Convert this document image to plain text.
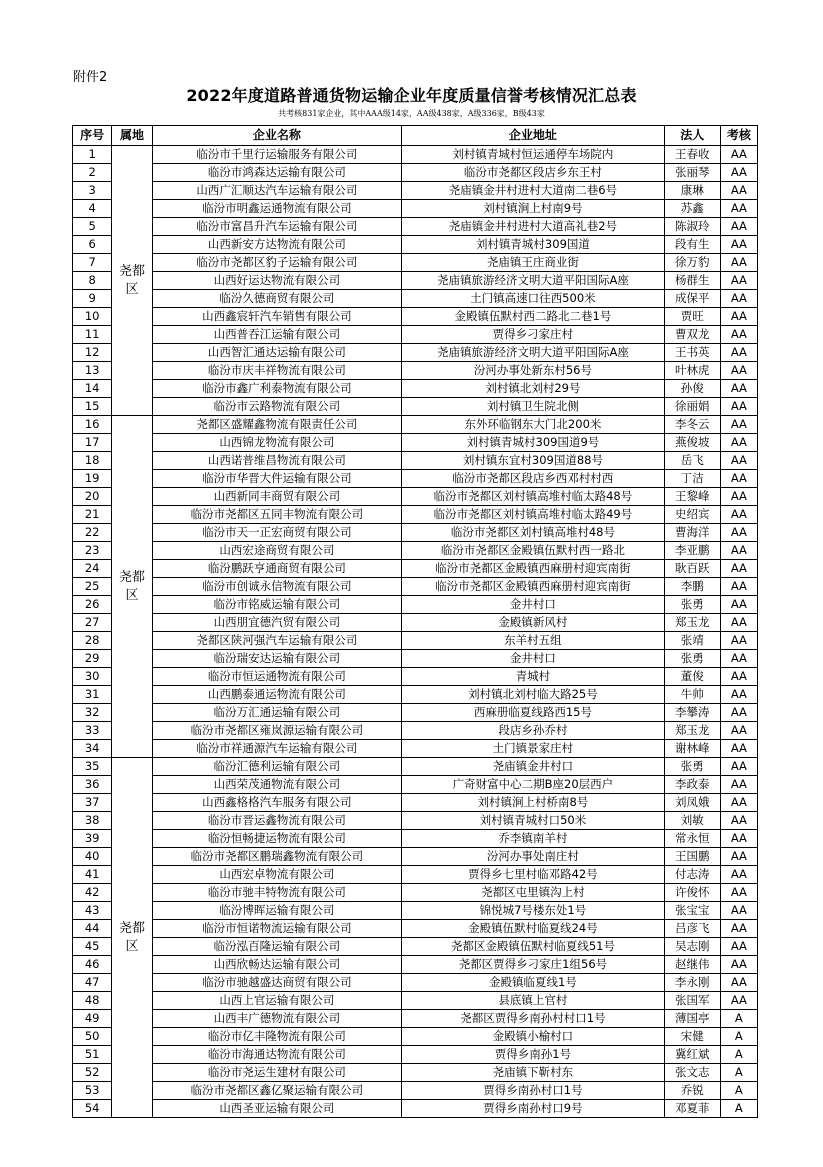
附件2
2022年度道路普通货物运输企业年度质量信誉考核情况汇总表
共考核831家企业，其中AAA级14家，AA级438家，A级336家，B级43家
序号	属地	企业名称	企业地址	法人	考核
1	尧都区	临汾市千里行运输服务有限公司	刘村镇青城村恒运通停车场院内	王春收	AA
2		临汾市鸿森达运输有限公司	临汾市尧都区段店乡东王村	张丽琴	AA
3		山西广汇顺达汽车运输有限公司	尧庙镇金井村进村大道南二巷6号	康琳	AA
4		临汾市明鑫运通物流有限公司	刘村镇涧上村南9号	苏鑫	AA
5		临汾市富昌升汽车运输有限公司	尧庙镇金井村进村大道高礼巷2号	陈淑玲	AA
6		山西新安方达物流有限公司	刘村镇青城村309国道	段有生	AA
7		临汾市尧都区豹子运输有限公司	尧庙镇王庄商业街	徐万豹	AA
8		山西好运达物流有限公司	尧庙镇旅游经济文明大道平阳国际A座	杨群生	AA
9		临汾久德商贸有限公司	土门镇高速口往西500米	成保平	AA
10		山西鑫宸轩汽车销售有限公司	金殿镇伍默村西二路北二巷1号	贾旺	AA
11		山西普吞江运输有限公司	贾得乡刁家庄村	曹双龙	AA
12		山西智汇通达运输有限公司	尧庙镇旅游经济文明大道平阳国际A座	王书英	AA
13		临汾市庆丰祥物流有限公司	汾河办事处新东村56号	叶林虎	AA
14		临汾市鑫广利泰物流有限公司	刘村镇北刘村29号	孙俊	AA
15		临汾市云路物流有限公司	刘村镇卫生院北侧	徐丽娟	AA
16	尧都区	尧都区盛耀鑫物流有限责任公司	东外环临钢东大门北200米	李冬云	AA
17		山西锦龙物流有限公司	刘村镇青城村309国道9号	燕俊坡	AA
18		山西诺普维昌物流有限公司	刘村镇东宜村309国道88号	岳飞	AA
19		临汾市华晋大件运输有限公司	临汾市尧都区段店乡西邓村村西	丁洁	AA
20		山西新同丰商贸有限公司	临汾市尧都区刘村镇高堆村临太路48号	王黎峰	AA
21		临汾市尧都区五同丰物流有限公司	临汾市尧都区刘村镇高堆村临太路49号	史绍宾	AA
22		临汾市天一正宏商贸有限公司	临汾市尧都区刘村镇高堆村48号	曹海洋	AA
23		山西宏途商贸有限公司	临汾市尧都区金殿镇伍默村西一路北	李亚鹏	AA
24		临汾鹏跃亨通商贸有限公司	临汾市尧都区金殿镇西麻册村迎宾南街	耿百跃	AA
25		临汾市创诚永信物流有限公司	临汾市尧都区金殿镇西麻册村迎宾南街	李鹏	AA
26		临汾市铭威运输有限公司	金井村口	张勇	AA
27		山西朋宜德汽贸有限公司	金殿镇新风村	郑玉龙	AA
28		尧都区陕河强汽车运输有限公司	东羊村五组	张靖	AA
29		临汾瑞安达运输有限公司	金井村口	张勇	AA
30		临汾市恒运通物流有限公司	青城村	董俊	AA
31		山西鹏泰通运物流有限公司	刘村镇北刘村临大路25号	牛帅	AA
32		临汾万汇通运输有限公司	西麻册临夏线路西15号	李攀涛	AA
33		临汾市尧都区雍岚源运输有限公司	段店乡孙乔村	郑玉龙	AA
34		临汾市祥通源汽车运输有限公司	土门镇景家庄村	谢林峰	AA
35	尧都区	临汾汇德利运输有限公司	尧庙镇金井村口	张勇	AA
36		山西荣茂通物流有限公司	广奇财富中心二期B座20层西户	李政泰	AA
37		山西鑫格格汽车服务有限公司	刘村镇涧上村桥南8号	刘凤娥	AA
38		临汾市晋运鑫物流有限公司	刘村镇青城村口50米	刘敏	AA
39		临汾恒畅捷运物流有限公司	乔李镇南羊村	常永恒	AA
40		临汾市尧都区鹏瑞鑫物流有限公司	汾河办事处南庄村	王国鹏	AA
41		山西宏卓物流有限公司	贾得乡七里村临邓路42号	付志涛	AA
42		临汾市驰丰特物流有限公司	尧都区屯里镇沟上村	许俊怀	AA
43		临汾博晖运输有限公司	锦悦城7号楼东处1号	张宝宝	AA
44		临汾市恒诺物流运输有限公司	金殿镇伍默村临夏线24号	吕彦飞	AA
45		临汾泓百隆运输有限公司	尧都区金殿镇伍默村临夏线51号	吴志刚	AA
46		山西欣畅达运输有限公司	尧都区贾得乡刁家庄1组56号	赵继伟	AA
47		临汾市驰越盛达商贸有限公司	金殿镇临夏线1号	李永刚	AA
48		山西上官运输有限公司	县底镇上官村	张国军	AA
49		山西丰广德物流有限公司	尧都区贾得乡南孙村村口1号	薄国亭	A
50		临汾市亿丰隆物流有限公司	金殿镇小榆村口	宋健	A
51		临汾市海通达物流有限公司	贾得乡南孙1号	冀红斌	A
52		临汾市尧运生建材有限公司	尧庙镇下靳村东	张文志	A
53		临汾市尧都区鑫亿聚运输有限公司	贾得乡南孙村口1号	乔锐	A
54		山西圣亚运输有限公司	贾得乡南孙村口9号	邓夏菲	A
